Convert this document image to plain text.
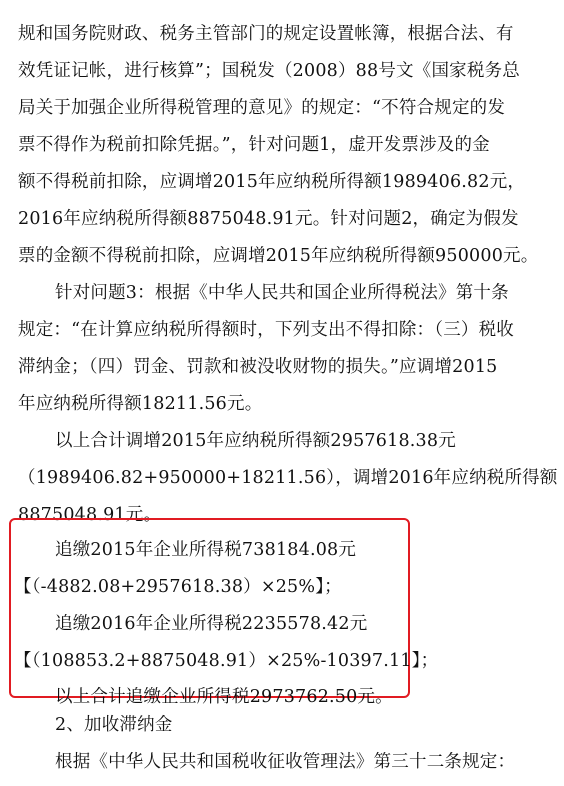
规和国务院财政、税务主管部门的规定设置帐簿，根据合法、有
效凭证记帐，进行核算”；国税发（2008）88号文《国家税务总
局关于加强企业所得税管理的意见》的规定：“不符合规定的发
票不得作为税前扣除凭据。”，针对问题1，虚开发票涉及的金
额不得税前扣除，应调增2015年应纳税所得额1989406.82元，
2016年应纳税所得额8875048.91元。针对问题2，确定为假发
票的金额不得税前扣除，应调增2015年应纳税所得额950000元。
针对问题3：根据《中华人民共和国企业所得税法》第十条
规定：“在计算应纳税所得额时，下列支出不得扣除：（三）税收
滞纳金；（四）罚金、罚款和被没收财物的损失。”应调增2015
年应纳税所得额18211.56元。
以上合计调增2015年应纳税所得额2957618.38元
（1989406.82+950000+18211.56），调增2016年应纳税所得额
8875048.91元。
追缴2015年企业所得税738184.08元
【（-4882.08+2957618.38）×25%】；
追缴2016年企业所得税2235578.42元
【（108853.2+8875048.91）×25%-10397.11】；
以上合计追缴企业所得税2973762.50元。
2、加收滞纳金
根据《中华人民共和国税收征收管理法》第三十二条规定：
